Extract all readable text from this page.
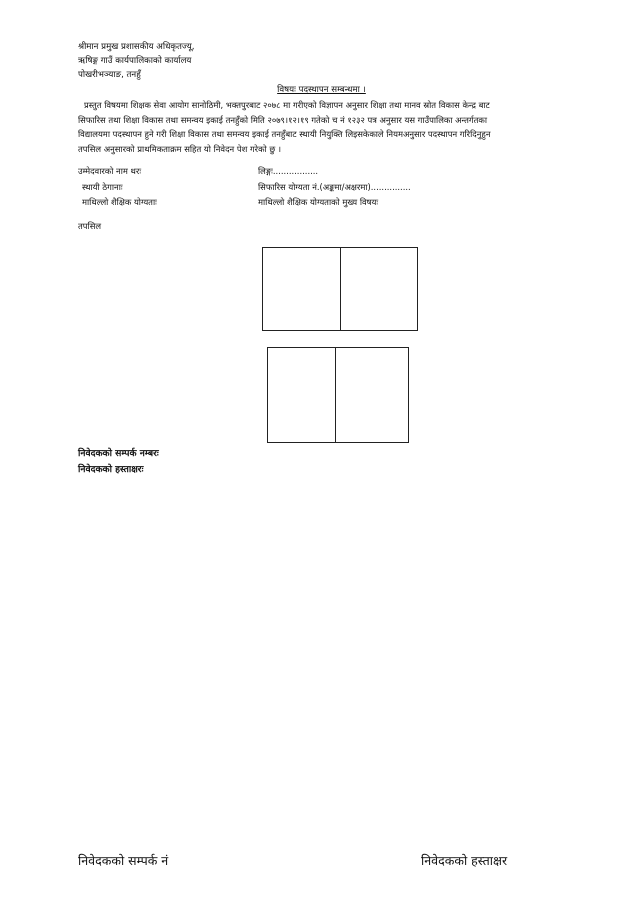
श्रीमान प्रमुख प्रशासकीय अधिकृतज्यू,
ऋषिङ्ग गाउँ कार्यपालिकाको कार्यालय
पोखरीभञ्याङ, तनहुँ
विषयः पदस्थापन सम्बन्धमा ।

प्रस्तुत विषयमा शिक्षक सेवा आयोग सानोठिमी, भक्तपुरबाट २०७८ मा गरीएको विज्ञापन अनुसार शिक्षा तथा मानव स्रोत विकास केन्द्र बाट

सिफारिस तथा शिक्षा विकास तथा समन्वय इकाई तनहुँको मिति २०७९।१२।१९ गतेको च नं १२३२ पत्र अनुसार यस गाउँपालिका अन्तर्गतका

विद्यालयमा पदस्थापन हुने गरी शिक्षा विकास तथा समन्वय इकाई तनहुँबाट स्थायी नियुक्ति लिइसकेकाले नियमअनुसार पदस्थापन गरिदिनुहुन

तपसिल अनुसारको प्राथमिकताक्रम सहित यो निवेदन पेश गरेको छु ।

उम्मेदवारको नाम थरः	लिङ्गः.................
स्थायी ठेगानाः	सिफारिस योग्यता नं.(अङ्कमा/अक्षरमा)...............
माथिल्लो शैक्षिक योग्यताः	माथिल्लो शैक्षिक योग्यताको मुख्य विषयः
तपसिल
निवेदकको सम्पर्क नम्बरः
निवेदकको हस्ताक्षरः
निवेदकको सम्पर्क नं	निवेदकको हस्ताक्षर
